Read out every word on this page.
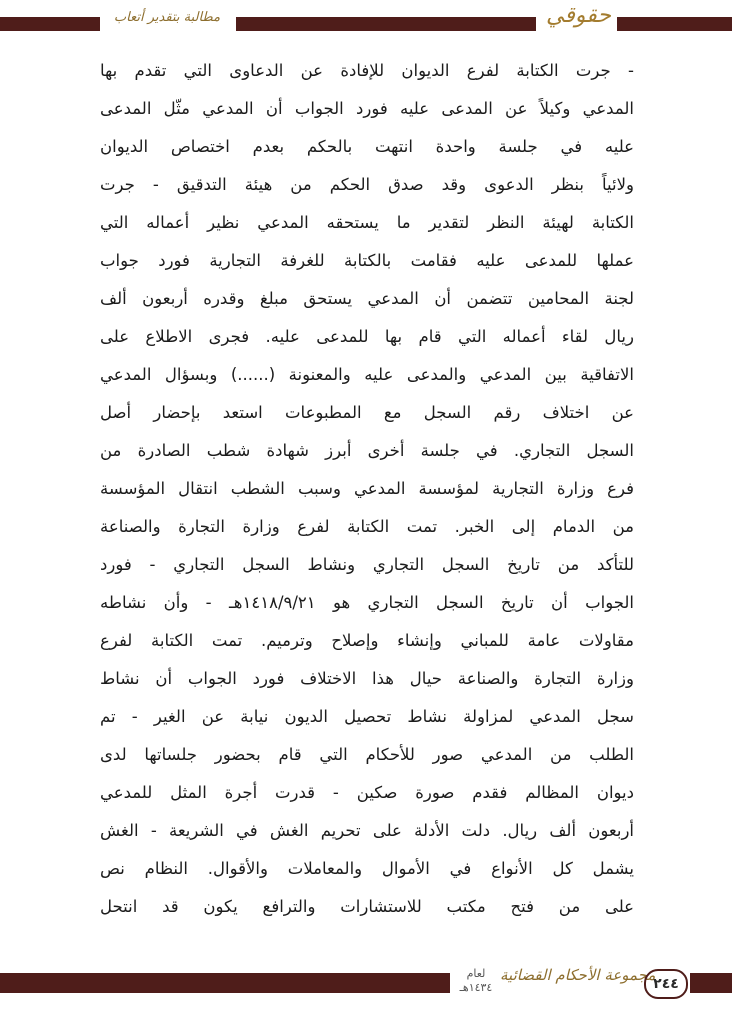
مطالبة بتقدير أتعاب	حقوقي
- جرت الكتابة لفرع الديوان للإفادة عن الدعاوى التي تقدم بها
المدعي وكيلاً عن المدعى عليه فورد الجواب أن المدعي مثّل المدعى
عليه في جلسة واحدة انتهت بالحكم بعدم اختصاص الديوان
ولائياً بنظر الدعوى وقد صدق الحكم من هيئة التدقيق - جرت
الكتابة لهيئة النظر لتقدير ما يستحقه المدعي نظير أعماله التي
عملها للمدعى عليه فقامت بالكتابة للغرفة التجارية فورد جواب
لجنة المحامين تتضمن أن المدعي يستحق مبلغ وقدره أربعون ألف
ريال لقاء أعماله التي قام بها للمدعى عليه. فجرى الاطلاع على
الاتفاقية بين المدعي والمدعى عليه والمعنونة (......) وبسؤال المدعي
عن اختلاف رقم السجل مع المطبوعات استعد بإحضار أصل
السجل التجاري. في جلسة أخرى أبرز شهادة شطب الصادرة من
فرع وزارة التجارية لمؤسسة المدعي وسبب الشطب انتقال المؤسسة
من الدمام إلى الخبر. تمت الكتابة لفرع وزارة التجارة والصناعة
للتأكد من تاريخ السجل التجاري ونشاط السجل التجاري - فورد
الجواب أن تاريخ السجل التجاري هو ١٤١٨/٩/٢١هـ - وأن نشاطه
مقاولات عامة للمباني وإنشاء وإصلاح وترميم. تمت الكتابة لفرع
وزارة التجارة والصناعة حيال هذا الاختلاف فورد الجواب أن نشاط
سجل المدعي لمزاولة نشاط تحصيل الديون نيابة عن الغير - تم
الطلب من المدعي صور للأحكام التي قام بحضور جلساتها لدى
ديوان المظالم فقدم صورة صكين - قدرت أجرة المثل للمدعي
أربعون ألف ريال. دلت الأدلة على تحريم الغش في الشريعة - الغش
يشمل كل الأنواع في الأموال والمعاملات والأقوال. النظام نص
على من فتح مكتب للاستشارات والترافع يكون قد انتحل
لعام
١٤٣٤هـ
مجموعة الأحكام القضائية
٢٤٤
